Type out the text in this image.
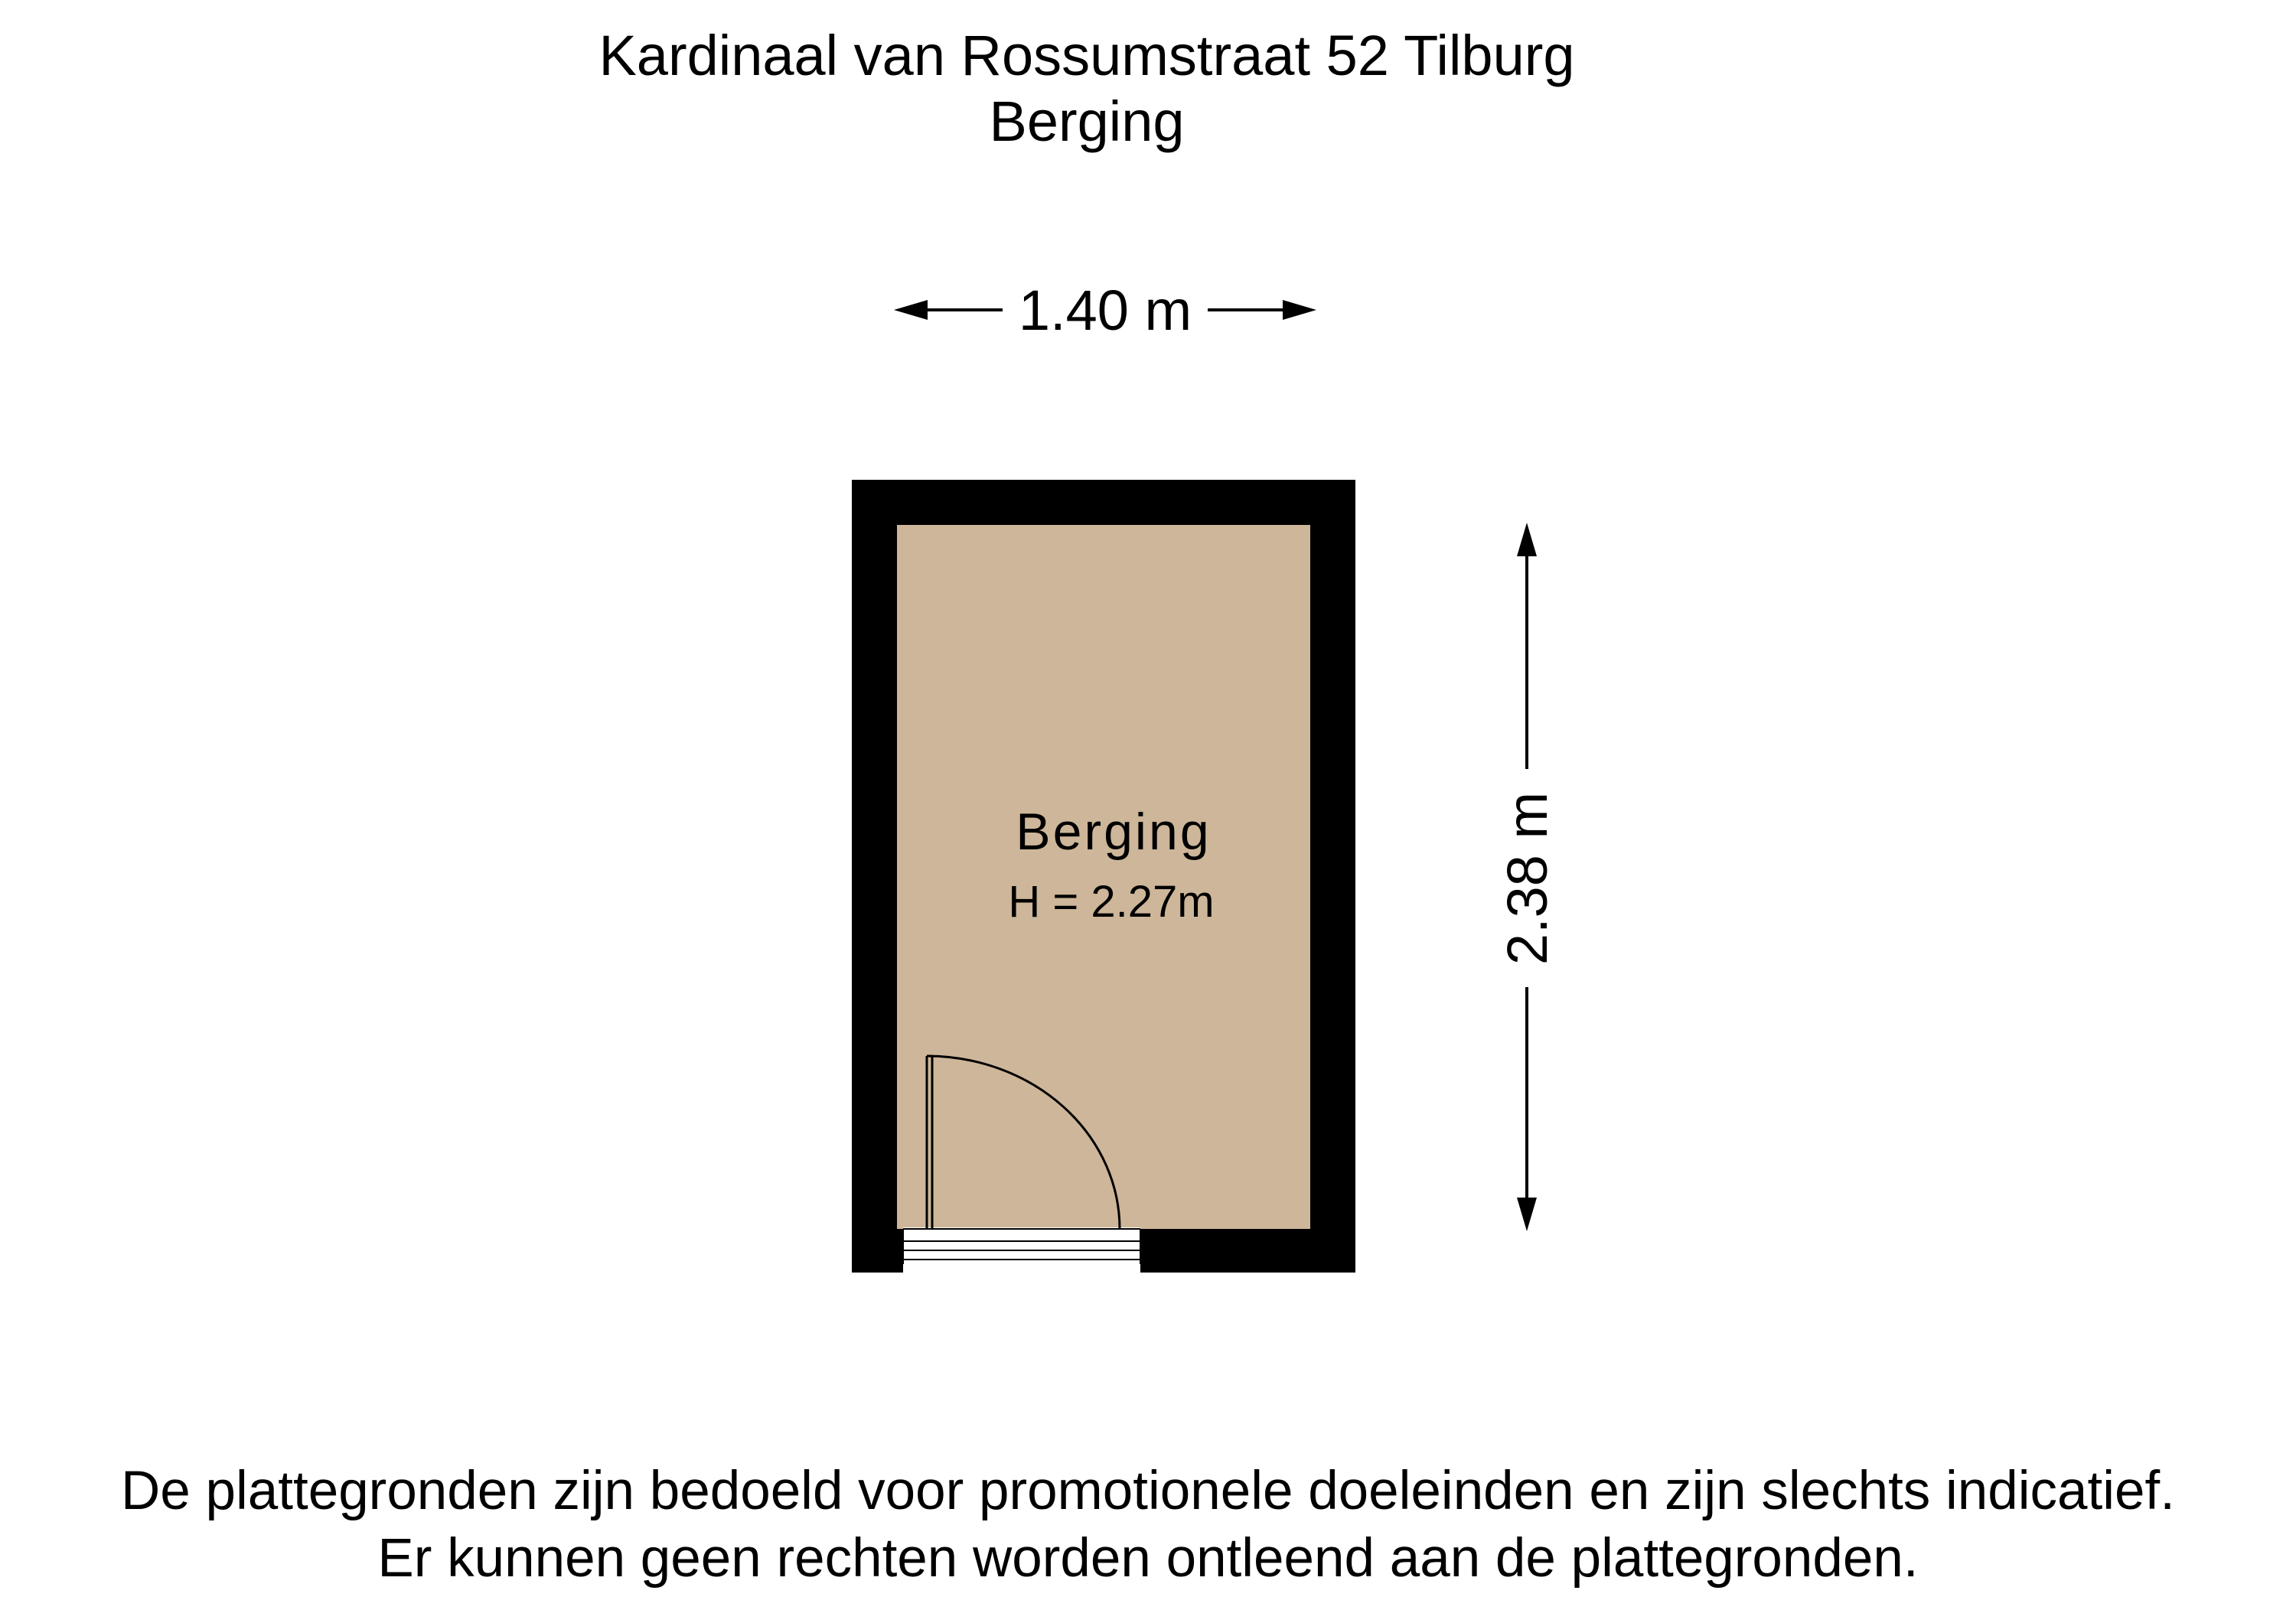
Kardinaal van Rossumstraat 52 Tilburg
Berging
1.40 m
Berging
H = 2.27m	2.38 m
De plattegronden zijn bedoeld voor promotionele doeleinden en zijn slechts indicatief.
Er kunnen geen rechten worden ontleend aan de plattegronden.
